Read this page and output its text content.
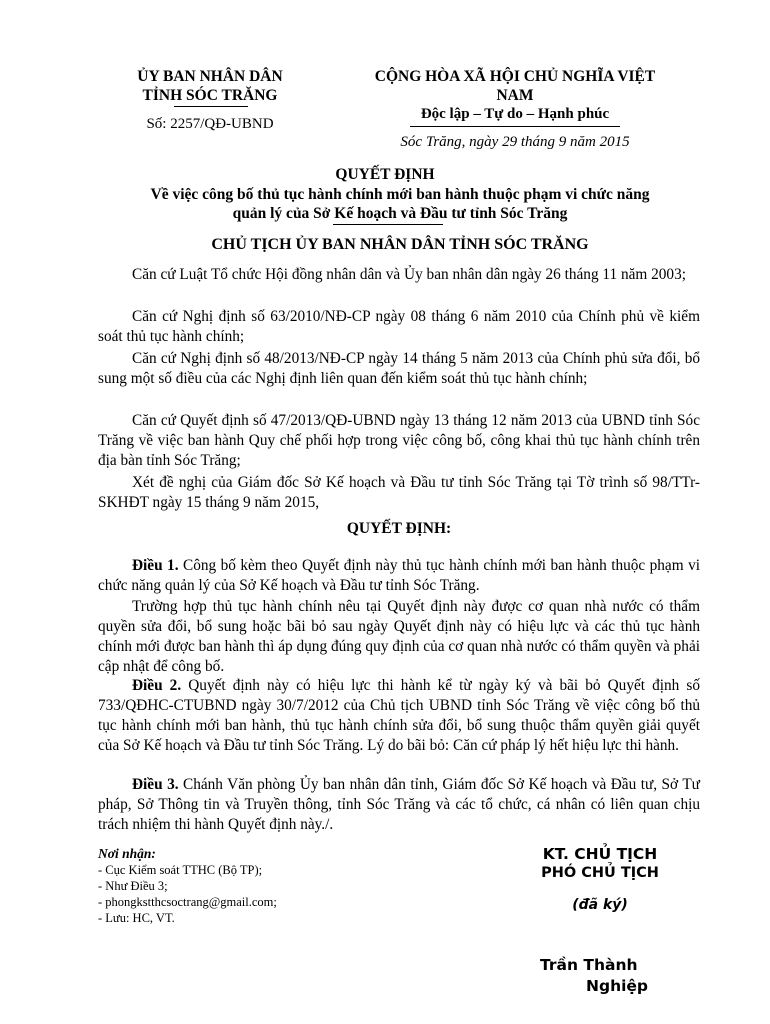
ỦY BAN NHÂN DÂN
TỈNH SÓC TRĂNG
Số: 2257/QĐ-UBND
CỘNG HÒA XÃ HỘI CHỦ NGHĨA VIỆT
NAM
Độc lập – Tự do – Hạnh phúc
Sóc Trăng, ngày 29 tháng 9 năm 2015
QUYẾT ĐỊNH
Về việc công bố thủ tục hành chính mới ban hành thuộc phạm vi chức năng
quản lý của Sở Kế hoạch và Đầu tư tỉnh Sóc Trăng
CHỦ TỊCH ỦY BAN NHÂN DÂN TỈNH SÓC TRĂNG
Căn cứ Luật Tổ chức Hội đồng nhân dân và Ủy ban nhân dân ngày 26 tháng 11 năm 2003;
Căn cứ Nghị định số 63/2010/NĐ-CP ngày 08 tháng 6 năm 2010 của Chính phủ về kiểm soát thủ tục hành chính;
Căn cứ Nghị định số 48/2013/NĐ-CP ngày 14 tháng 5 năm 2013 của Chính phủ sửa đổi, bổ sung một số điều của các Nghị định liên quan đến kiểm soát thủ tục hành chính;
Căn cứ Quyết định số 47/2013/QĐ-UBND ngày 13 tháng 12 năm 2013 của UBND tỉnh Sóc Trăng về việc ban hành Quy chế phối hợp trong việc công bố, công khai thủ tục hành chính trên địa bàn tỉnh Sóc Trăng;
Xét đề nghị của Giám đốc Sở Kế hoạch và Đầu tư tỉnh Sóc Trăng tại Tờ trình số 98/TTr-SKHĐT ngày 15 tháng 9 năm 2015,
QUYẾT ĐỊNH:
Điều 1. Công bố kèm theo Quyết định này thủ tục hành chính mới ban hành thuộc phạm vi chức năng quản lý của Sở Kế hoạch và Đầu tư tỉnh Sóc Trăng.
Trường hợp thủ tục hành chính nêu tại Quyết định này được cơ quan nhà nước có thẩm quyền sửa đổi, bổ sung hoặc bãi bỏ sau ngày Quyết định này có hiệu lực và các thủ tục hành chính mới được ban hành thì áp dụng đúng quy định của cơ quan nhà nước có thẩm quyền và phải cập nhật để công bố.
Điều 2. Quyết định này có hiệu lực thi hành kể từ ngày ký và bãi bỏ Quyết định số 733/QĐHC-CTUBND ngày 30/7/2012 của Chủ tịch UBND tỉnh Sóc Trăng về việc công bố thủ tục hành chính mới ban hành, thủ tục hành chính sửa đổi, bổ sung thuộc thẩm quyền giải quyết của Sở Kế hoạch và Đầu tư tỉnh Sóc Trăng. Lý do bãi bỏ: Căn cứ pháp lý hết hiệu lực thi hành.
Điều 3. Chánh Văn phòng Ủy ban nhân dân tỉnh, Giám đốc Sở Kế hoạch và Đầu tư, Sở Tư pháp, Sở Thông tin và Truyền thông, tỉnh Sóc Trăng và các tổ chức, cá nhân có liên quan chịu trách nhiệm thi hành Quyết định này./.
Nơi nhận:
- Cục Kiểm soát TTHC (Bộ TP);
- Như Điều 3;
- phongkstthcsoctrang@gmail.com;
- Lưu: HC, VT.
KT. CHỦ TỊCH
PHÓ CHỦ TỊCH
(đã ký)
Trần Thành
Nghiệp
